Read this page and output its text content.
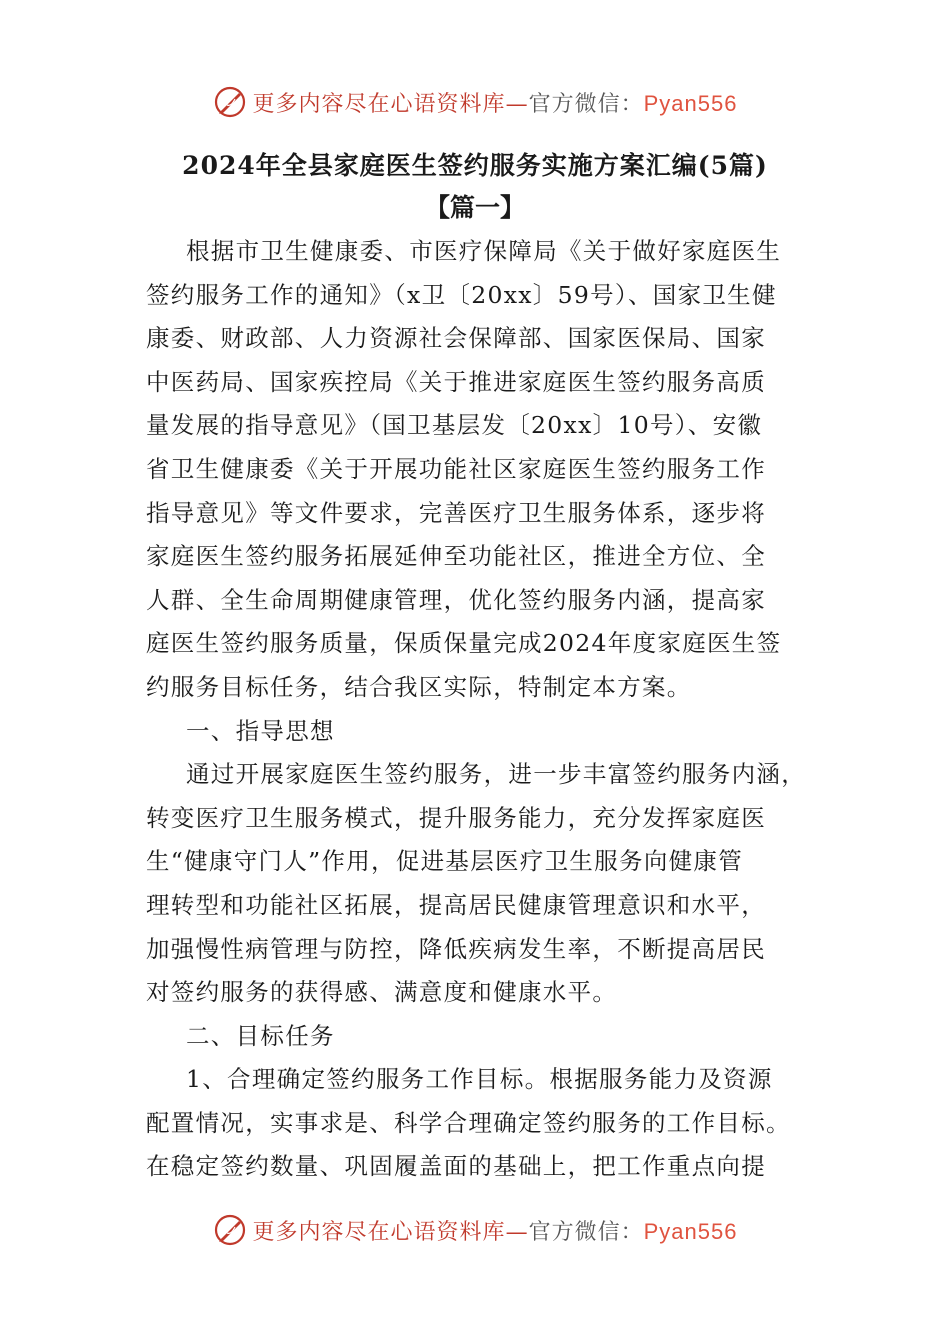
更多内容尽在心语资料库—官方微信：Pyan556
2024年全县家庭医生签约服务实施方案汇编(5篇)
【篇一】
根据市卫生健康委、市医疗保障局《关于做好家庭医生
签约服务工作的通知》（x卫〔20xx〕59号）、国家卫生健
康委、财政部、人力资源社会保障部、国家医保局、国家
中医药局、国家疾控局《关于推进家庭医生签约服务高质
量发展的指导意见》（国卫基层发〔20xx〕10号）、安徽
省卫生健康委《关于开展功能社区家庭医生签约服务工作
指导意见》等文件要求，完善医疗卫生服务体系，逐步将
家庭医生签约服务拓展延伸至功能社区，推进全方位、全
人群、全生命周期健康管理，优化签约服务内涵，提高家
庭医生签约服务质量，保质保量完成2024年度家庭医生签
约服务目标任务，结合我区实际，特制定本方案。
一、指导思想
通过开展家庭医生签约服务，进一步丰富签约服务内涵，
转变医疗卫生服务模式，提升服务能力，充分发挥家庭医
生“健康守门人”作用，促进基层医疗卫生服务向健康管
理转型和功能社区拓展，提高居民健康管理意识和水平，
加强慢性病管理与防控，降低疾病发生率，不断提高居民
对签约服务的获得感、满意度和健康水平。
二、目标任务
1、合理确定签约服务工作目标。根据服务能力及资源
配置情况，实事求是、科学合理确定签约服务的工作目标。
在稳定签约数量、巩固履盖面的基础上，把工作重点向提
更多内容尽在心语资料库—官方微信：Pyan556
